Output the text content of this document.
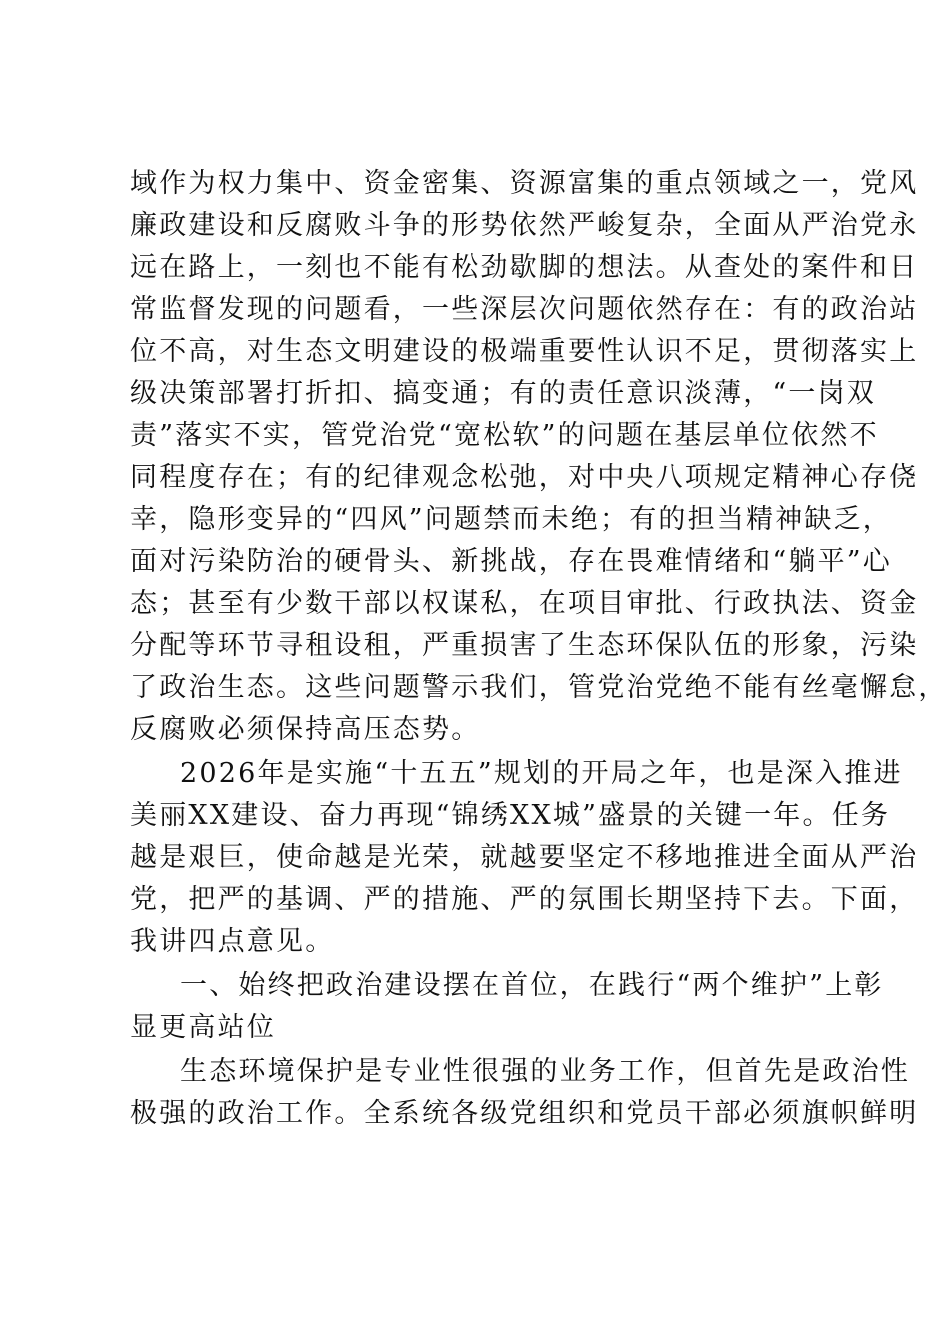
域作为权力集中、资金密集、资源富集的重点领域之一，党风
廉政建设和反腐败斗争的形势依然严峻复杂，全面从严治党永
远在路上，一刻也不能有松劲歇脚的想法。从查处的案件和日
常监督发现的问题看，一些深层次问题依然存在：有的政治站
位不高，对生态文明建设的极端重要性认识不足，贯彻落实上
级决策部署打折扣、搞变通；有的责任意识淡薄，“一岗双
责”落实不实，管党治党“宽松软”的问题在基层单位依然不
同程度存在；有的纪律观念松弛，对中央八项规定精神心存侥
幸，隐形变异的“四风”问题禁而未绝；有的担当精神缺乏，
面对污染防治的硬骨头、新挑战，存在畏难情绪和“躺平”心
态；甚至有少数干部以权谋私，在项目审批、行政执法、资金
分配等环节寻租设租，严重损害了生态环保队伍的形象，污染
了政治生态。这些问题警示我们，管党治党绝不能有丝毫懈怠，
反腐败必须保持高压态势。
2026年是实施“十五五”规划的开局之年，也是深入推进
美丽XX建设、奋力再现“锦绣XX城”盛景的关键一年。任务
越是艰巨，使命越是光荣，就越要坚定不移地推进全面从严治
党，把严的基调、严的措施、严的氛围长期坚持下去。下面，
我讲四点意见。
一、始终把政治建设摆在首位，在践行“两个维护”上彰
显更高站位
生态环境保护是专业性很强的业务工作，但首先是政治性
极强的政治工作。全系统各级党组织和党员干部必须旗帜鲜明
